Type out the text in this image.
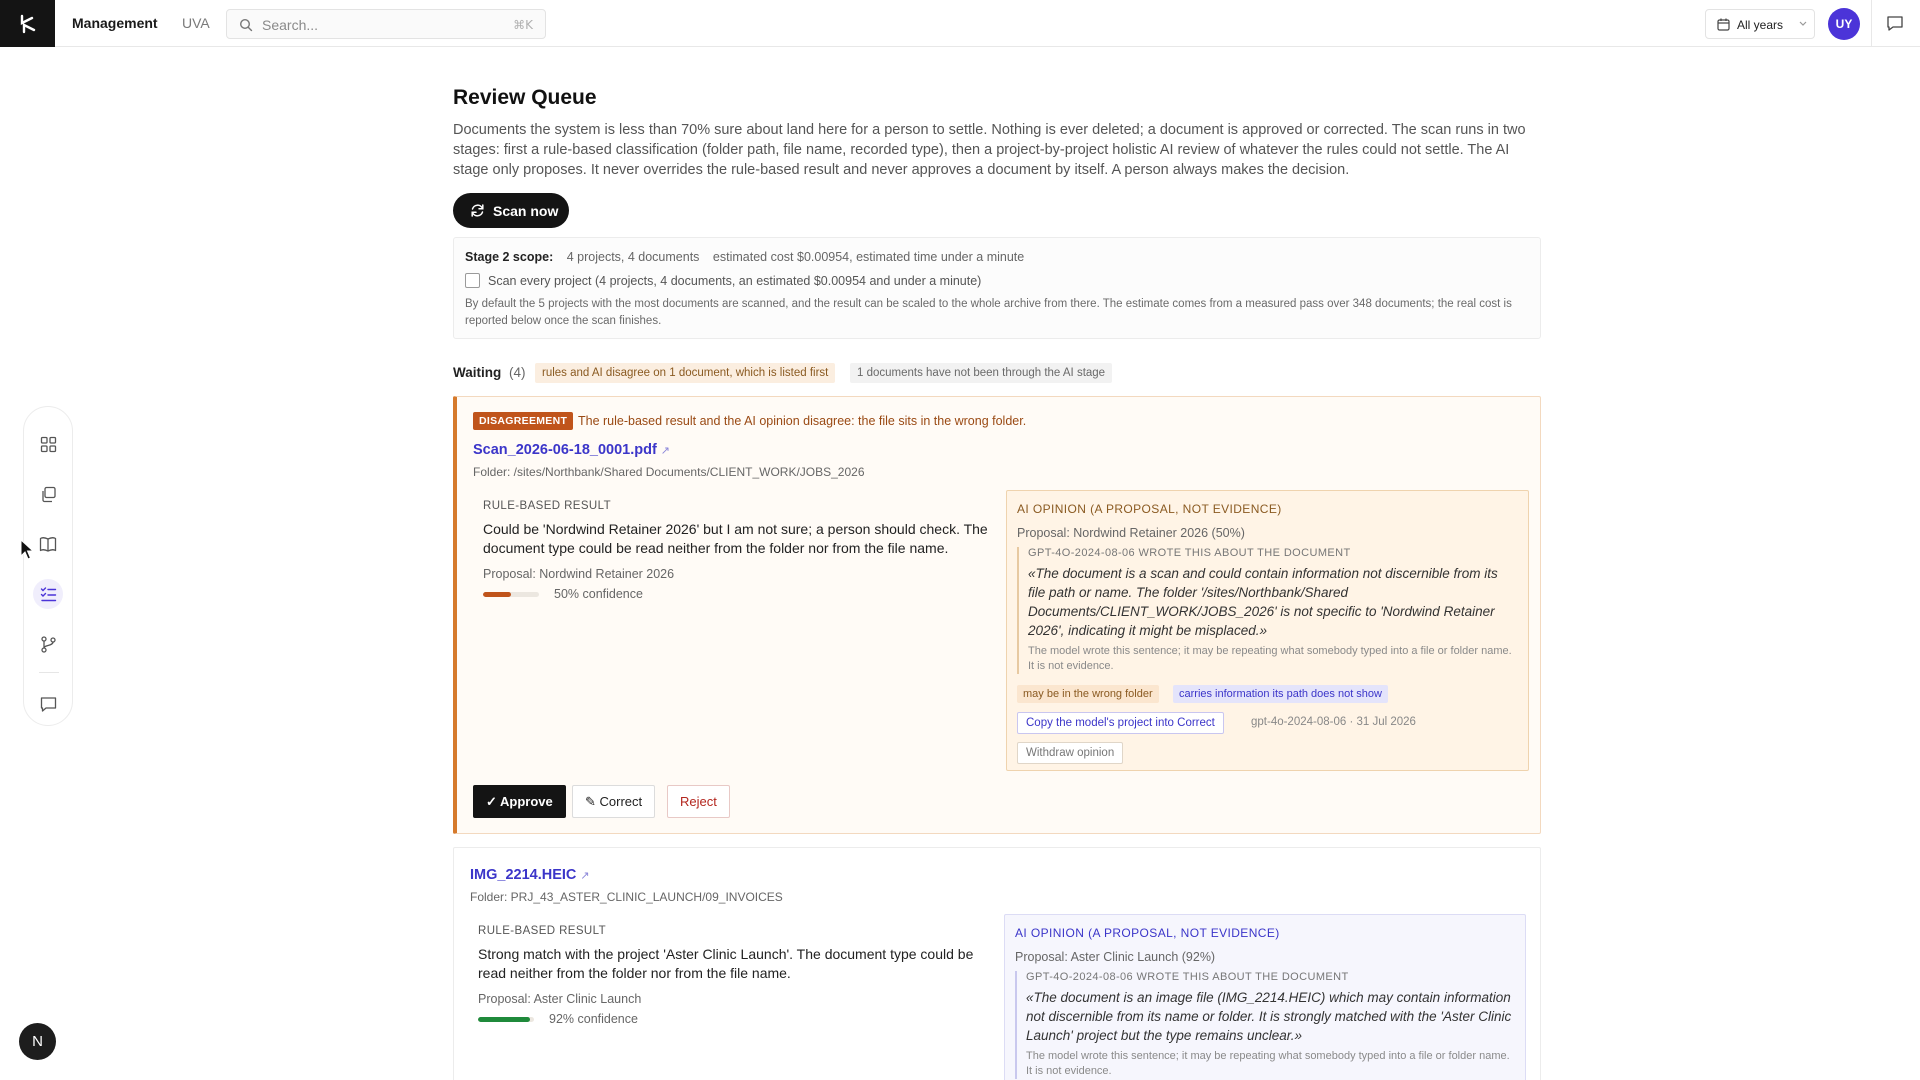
Management UVA	Search...	⌘K	All years	UY
N
Review Queue

Documents the system is less than 70% sure about land here for a person to settle. Nothing is ever deleted; a document is approved or corrected. The scan runs in two stages: first a rule-based classification (folder path, file name, recorded type), then a project-by-project holistic AI review of whatever the rules could not settle. The AI stage only proposes. It never overrides the rule-based result and never approves a document by itself. A person always makes the decision.

Scan now
Stage 2 scope: 4 projects, 4 documents estimated cost $0.00954, estimated time under a minute
Scan every project (4 projects, 4 documents, an estimated $0.00954 and under a minute)

By default the 5 projects with the most documents are scanned, and the result can be scaled to the whole archive from there. The estimate comes from a measured pass over 348 documents; the real cost is reported below once the scan finishes.

Waiting (4)	rules and AI disagree on 1 document, which is listed first	1 documents have not been through the AI stage
DISAGREEMENT The rule-based result and the AI opinion disagree: the file sits in the wrong folder.
Scan_2026-06-18_0001.pdf ↗
Folder: /sites/Northbank/Shared Documents/CLIENT_WORK/JOBS_2026
RULE-BASED RESULT
Could be 'Nordwind Retainer 2026' but I am not sure; a person should check. The document type could be read neither from the folder nor from the file name.
Proposal: Nordwind Retainer 2026
50% confidence
AI OPINION (A PROPOSAL, NOT EVIDENCE)
Proposal: Nordwind Retainer 2026 (50%)
GPT-4O-2024-08-06 WROTE THIS ABOUT THE DOCUMENT
«The document is a scan and could contain information not discernible from its file path or name. The folder '/sites/Northbank/Shared Documents/CLIENT_WORK/JOBS_2026' is not specific to 'Nordwind Retainer 2026', indicating it might be misplaced.»
The model wrote this sentence; it may be repeating what somebody typed into a file or folder name. It is not evidence.
may be in the wrong folder	carries information its path does not show
Copy the model's project into Correct	gpt-4o-2024-08-06 · 31 Jul 2026
Withdraw opinion
✓ Approve	✎ Correct	Reject
IMG_2214.HEIC ↗
Folder: PRJ_43_ASTER_CLINIC_LAUNCH/09_INVOICES
RULE-BASED RESULT
Strong match with the project 'Aster Clinic Launch'. The document type could be read neither from the folder nor from the file name.
Proposal: Aster Clinic Launch
92% confidence
AI OPINION (A PROPOSAL, NOT EVIDENCE)
Proposal: Aster Clinic Launch (92%)
GPT-4O-2024-08-06 WROTE THIS ABOUT THE DOCUMENT
«The document is an image file (IMG_2214.HEIC) which may contain information not discernible from its name or folder. It is strongly matched with the 'Aster Clinic Launch' project but the type remains unclear.»
The model wrote this sentence; it may be repeating what somebody typed into a file or folder name. It is not evidence.
